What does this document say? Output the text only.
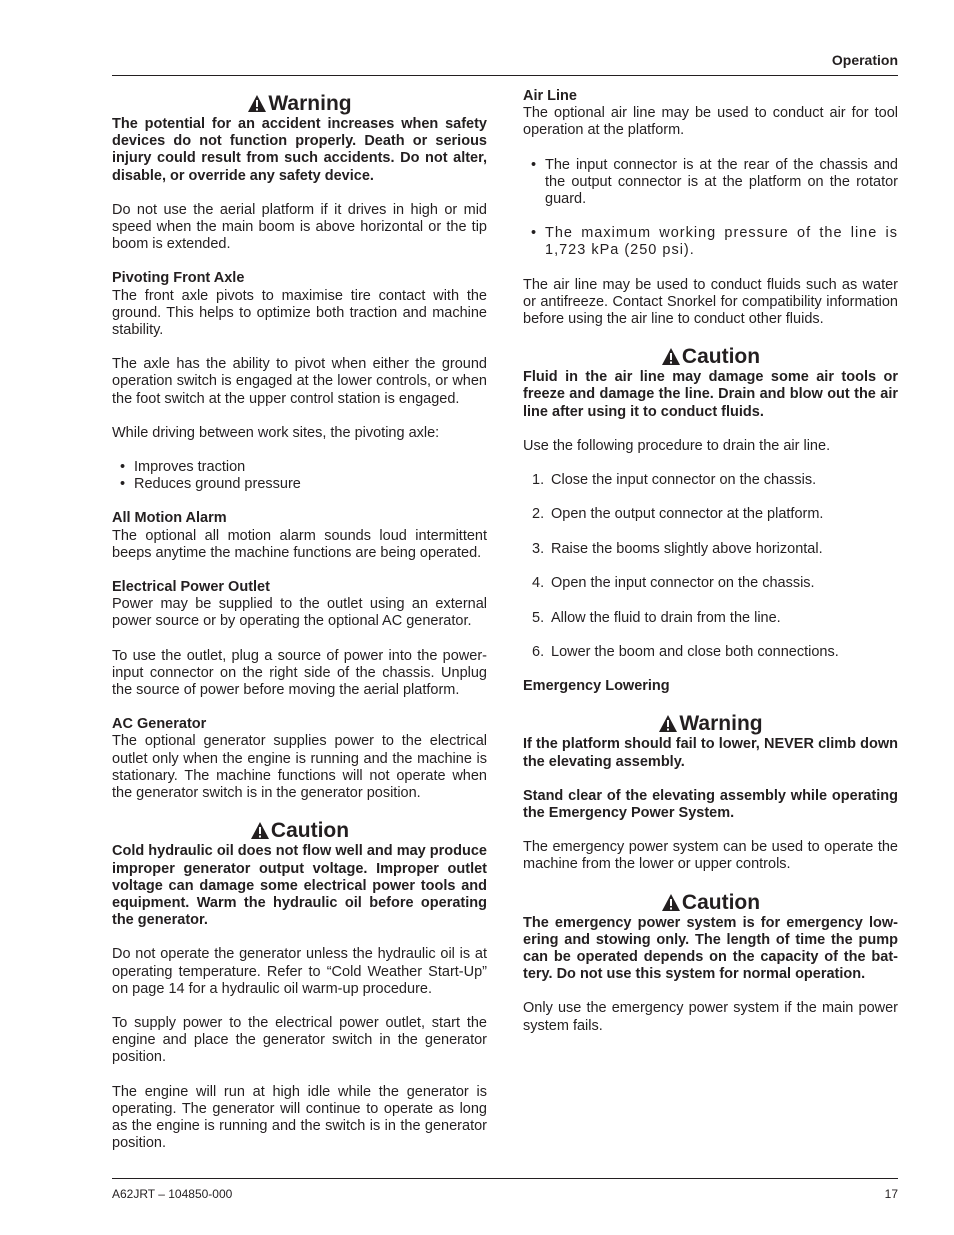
Operation
Warning

The potential for an accident increases when safety devices do not function properly. Death or serious injury could result from such accidents. Do not alter, disable, or override any safety device.

Do not use the aerial platform if it drives in high or mid speed when the main boom is above horizontal or the tip boom is extended.

Pivoting Front Axle
The front axle pivots to maximise tire contact with the ground. This helps to optimize both traction and machine stability.

The axle has the ability to pivot when either the ground operation switch is engaged at the lower controls, or when the foot switch at the upper control station is engaged.

While driving between work sites, the pivoting axle:

• Improves traction
• Reduces ground pressure

All Motion Alarm
The optional all motion alarm sounds loud intermittent beeps anytime the machine functions are being operated.

Electrical Power Outlet
Power may be supplied to the outlet using an external power source or by operating the optional AC generator.

To use the outlet, plug a source of power into the power-input connector on the right side of the chassis. Unplug the source of power before moving the aerial platform.

AC Generator
The optional generator supplies power to the electrical outlet only when the engine is running and the machine is stationary. The machine functions will not operate when the generator switch is in the generator position.

Caution

Cold hydraulic oil does not flow well and may produce improper generator output voltage. Improper outlet voltage can damage some electrical power tools and equipment. Warm the hydraulic oil before operating the generator.

Do not operate the generator unless the hydraulic oil is at operating temperature. Refer to “Cold Weather Start-Up” on page 14 for a hydraulic oil warm-up procedure.

To supply power to the electrical power outlet, start the engine and place the generator switch in the generator position.

The engine will run at high idle while the generator is operating. The generator will continue to operate as long as the engine is running and the switch is in the generator position.

Air Line
The optional air line may be used to conduct air for tool operation at the platform.

• The input connector is at the rear of the chassis and the output connector is at the platform on the rotator guard.
• The maximum working pressure of the line is 1,723 kPa (250 psi).

The air line may be used to conduct fluids such as water or antifreeze. Contact Snorkel for compatibility information before using the air line to conduct other fluids.

Caution

Fluid in the air line may damage some air tools or freeze and damage the line. Drain and blow out the air line after using it to conduct fluids.

Use the following procedure to drain the air line.

1. Close the input connector on the chassis.
2. Open the output connector at the platform.
3. Raise the booms slightly above horizontal.
4. Open the input connector on the chassis.
5. Allow the fluid to drain from the line.
6. Lower the boom and close both connections.

Emergency Lowering

Warning

If the platform should fail to lower, NEVER climb down the elevating assembly.

Stand clear of the elevating assembly while operating the Emergency Power System.

The emergency power system can be used to operate the machine from the lower or upper controls.

Caution

The emergency power system is for emergency lowering and stowing only. The length of time the pump can be operated depends on the capacity of the battery. Do not use this system for normal operation.

Only use the emergency power system if the main power system fails.

A62JRT – 104850-000	17
